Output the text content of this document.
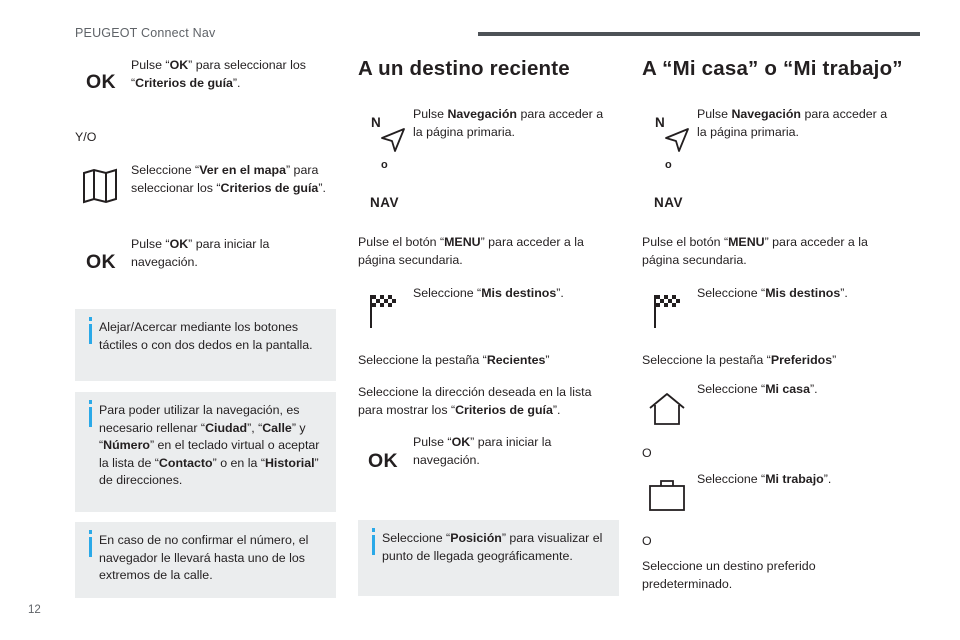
PEUGEOT Connect Nav
OK
Pulse “OK” para seleccionar los “Criterios de guía”.
Y/O
Seleccione “Ver en el mapa” para seleccionar los “Criterios de guía”.
OK
Pulse “OK” para iniciar la navegación.
Alejar/Acercar mediante los botones táctiles o con dos dedos en la pantalla.
Para poder utilizar la navegación, es necesario rellenar “Ciudad”, “Calle” y “Número” en el teclado virtual o aceptar la lista de “Contacto” o en la “Historial” de direcciones.
En caso de no confirmar el número, el navegador le llevará hasta uno de los extremos de la calle.
A un destino reciente
N
o
NAV
Pulse Navegación para acceder a la página primaria.
Pulse el botón “MENU” para acceder a la página secundaria.
Seleccione “Mis destinos”.
Seleccione la pestaña “Recientes”
Seleccione la dirección deseada en la lista para mostrar los “Criterios de guía”.
OK
Pulse “OK” para iniciar la navegación.
Seleccione “Posición” para visualizar el punto de llegada geográficamente.
A “Mi casa” o “Mi trabajo”
N
o
NAV
Pulse Navegación para acceder a la página primaria.
Pulse el botón “MENU” para acceder a la página secundaria.
Seleccione “Mis destinos”.
Seleccione la pestaña “Preferidos”
Seleccione “Mi casa”.
O
Seleccione “Mi trabajo”.
O
Seleccione un destino preferido predeterminado.
12
